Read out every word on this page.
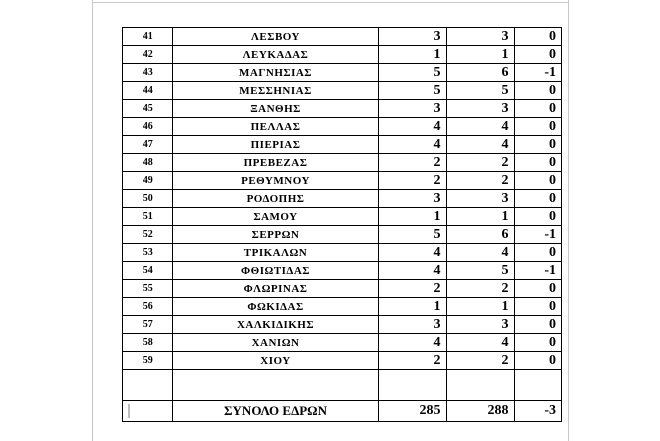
41	ΛΕΣΒΟΥ	3	3	0
42	ΛΕΥΚΑΔΑΣ	1	1	0
43	ΜΑΓΝΗΣΙΑΣ	5	6	-1
44	ΜΕΣΣΗΝΙΑΣ	5	5	0
45	ΞΑΝΘΗΣ	3	3	0
46	ΠΕΛΛΑΣ	4	4	0
47	ΠΙΕΡΙΑΣ	4	4	0
48	ΠΡΕΒΕΖΑΣ	2	2	0
49	ΡΕΘΥΜΝΟΥ	2	2	0
50	ΡΟΔΟΠΗΣ	3	3	0
51	ΣΑΜΟΥ	1	1	0
52	ΣΕΡΡΩΝ	5	6	-1
53	ΤΡΙΚΑΛΩΝ	4	4	0
54	ΦΘΙΩΤΙΔΑΣ	4	5	-1
55	ΦΛΩΡΙΝΑΣ	2	2	0
56	ΦΩΚΙΔΑΣ	1	1	0
57	ΧΑΛΚΙΔΙΚΗΣ	3	3	0
58	ΧΑΝΙΩΝ	4	4	0
59	ΧΙΟΥ	2	2	0

	ΣΥΝΟΛΟ ΕΔΡΩΝ	285	288	-3
